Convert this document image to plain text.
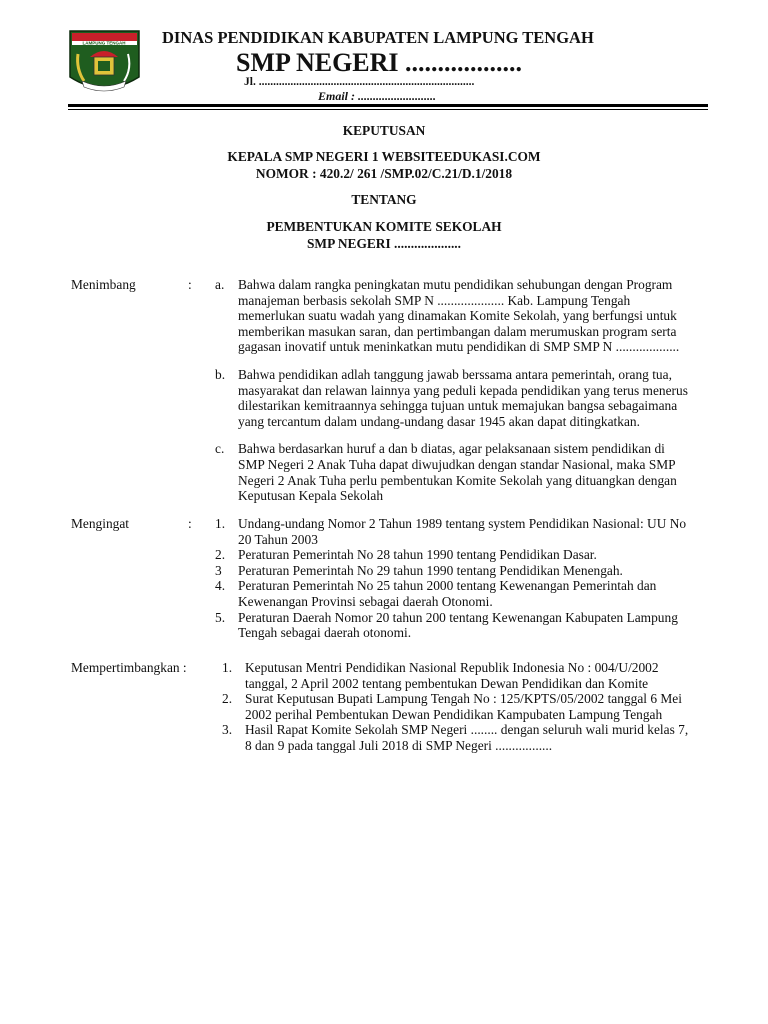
LAMPUNG TENGAH DINAS PENDIDIKAN KABUPATEN LAMPUNG TENGAH
SMP NEGERI ..................
Jl. ...........................................................................
Email : ..........................
KEPUTUSAN
KEPALA SMP NEGERI 1 WEBSITEEDUKASI.COM
NOMOR : 420.2/ 261 /SMP.02/C.21/D.1/2018
TENTANG
PEMBENTUKAN KOMITE SEKOLAH
SMP NEGERI ....................
Menimbang	: a. Bahwa dalam rangka peningkatan mutu pendidikan sehubungan dengan Program
manajeman berbasis sekolah SMP N .................... Kab. Lampung Tengah
memerlukan suatu wadah yang dinamakan Komite Sekolah, yang berfungsi untuk
memberikan masukan saran, dan pertimbangan dalam merumuskan program serta
gagasan inovatif untuk meninkatkan mutu pendidikan di SMP SMP N ...................
b. Bahwa pendidikan adlah tanggung jawab berssama antara pemerintah, orang tua,
masyarakat dan relawan lainnya yang peduli kepada pendidikan yang terus menerus
dilestarikan kemitraannya sehingga tujuan untuk memajukan bangsa sebagaimana
yang tercantum dalam undang-undang dasar 1945 akan dapat ditingkatkan.
c. Bahwa berdasarkan huruf a dan b diatas, agar pelaksanaan sistem pendidikan di
SMP Negeri 2 Anak Tuha dapat diwujudkan dengan standar Nasional, maka SMP
Negeri 2 Anak Tuha perlu pembentukan Komite Sekolah yang dituangkan dengan
Keputusan Kepala Sekolah
Mengingat	: 1. Undang-undang Nomor 2 Tahun 1989 tentang system Pendidikan Nasional: UU No
20 Tahun 2003
2. Peraturan Pemerintah No 28 tahun 1990 tentang Pendidikan Dasar.
3 Peraturan Pemerintah No 29 tahun 1990 tentang Pendidikan Menengah.
4. Peraturan Pemerintah No 25 tahun 2000 tentang Kewenangan Pemerintah dan
Kewenangan Provinsi sebagai daerah Otonomi.
5. Peraturan Daerah Nomor 20 tahun 200 tentang Kewenangan Kabupaten Lampung
Tengah sebagai daerah otonomi.
Mempertimbangkan :	1. Keputusan Mentri Pendidikan Nasional Republik Indonesia No : 004/U/2002
tanggal, 2 April 2002 tentang pembentukan Dewan Pendidikan dan Komite
2. Surat Keputusan Bupati Lampung Tengah No : 125/KPTS/05/2002 tanggal 6 Mei
2002 perihal Pembentukan Dewan Pendidikan Kampubaten Lampung Tengah
3. Hasil Rapat Komite Sekolah SMP Negeri ........ dengan seluruh wali murid kelas 7,
8 dan 9 pada tanggal Juli 2018 di SMP Negeri .................
